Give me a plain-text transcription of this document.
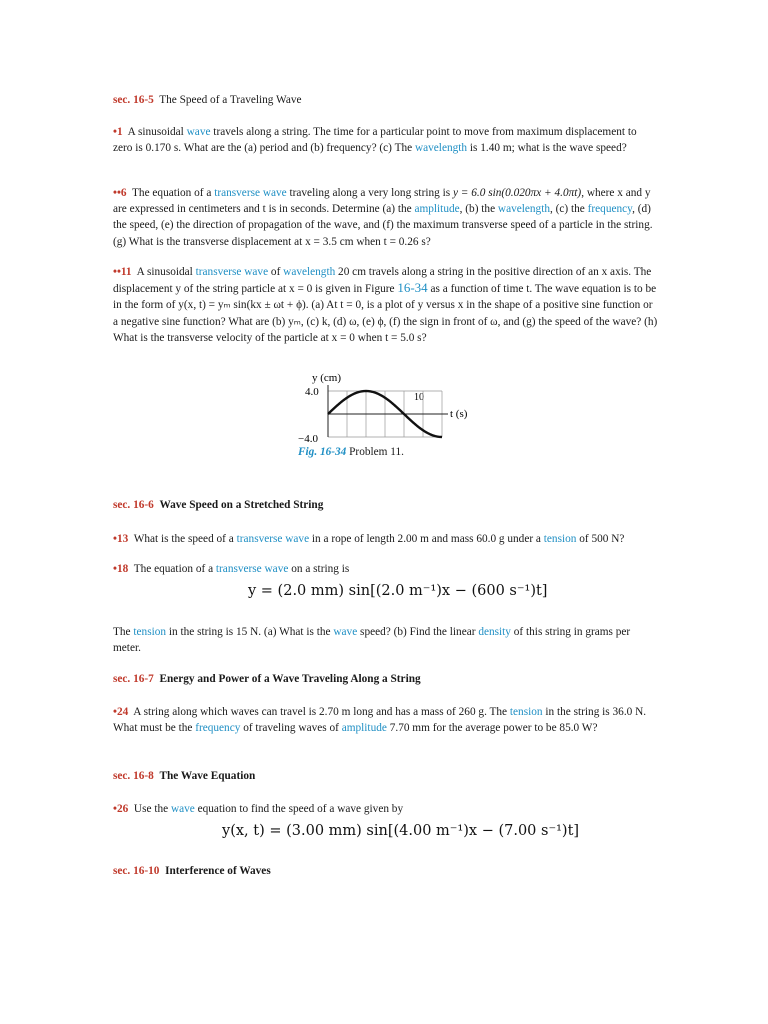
sec. 16-5 The Speed of a Traveling Wave

•1 A sinusoidal wave travels along a string. The time for a particular point to move from maximum displacement to zero is 0.170 s. What are the (a) period and (b) frequency? (c) The wavelength is 1.40 m; what is the wave speed?

••6 The equation of a transverse wave traveling along a very long string is y = 6.0 sin(0.020πx + 4.0πt), where x and y are expressed in centimeters and t is in seconds. Determine (a) the amplitude, (b) the wavelength, (c) the frequency, (d) the speed, (e) the direction of propagation of the wave, and (f) the maximum transverse speed of a particle in the string. (g) What is the transverse displacement at x = 3.5 cm when t = 0.26 s?

••11 A sinusoidal transverse wave of wavelength 20 cm travels along a string in the positive direction of an x axis. The displacement y of the string particle at x = 0 is given in Figure 16-34 as a function of time t. The wave equation is to be in the form of y(x, t) = yₘ sin(kx ± ωt + ϕ). (a) At t = 0, is a plot of y versus x in the shape of a positive sine function or a negative sine function? What are (b) yₘ, (c) k, (d) ω, (e) ϕ, (f) the sign in front of ω, and (g) the speed of the wave? (h) What is the transverse velocity of the particle at x = 0 when t = 5.0 s?

y (cm)
4.0
−4.0
t (s)
10
Fig. 16-34 Problem 11.

sec. 16-6 Wave Speed on a Stretched String

•13 What is the speed of a transverse wave in a rope of length 2.00 m and mass 60.0 g under a tension of 500 N?

•18 The equation of a transverse wave on a string is

y = (2.0 mm) sin[(2.0 m⁻¹)x − (600 s⁻¹)t]

The tension in the string is 15 N. (a) What is the wave speed? (b) Find the linear density of this string in grams per meter.

sec. 16-7 Energy and Power of a Wave Traveling Along a String

•24 A string along which waves can travel is 2.70 m long and has a mass of 260 g. The tension in the string is 36.0 N. What must be the frequency of traveling waves of amplitude 7.70 mm for the average power to be 85.0 W?

sec. 16-8 The Wave Equation

•26 Use the wave equation to find the speed of a wave given by

y(x, t) = (3.00 mm) sin[(4.00 m⁻¹)x − (7.00 s⁻¹)t]

sec. 16-10 Interference of Waves
